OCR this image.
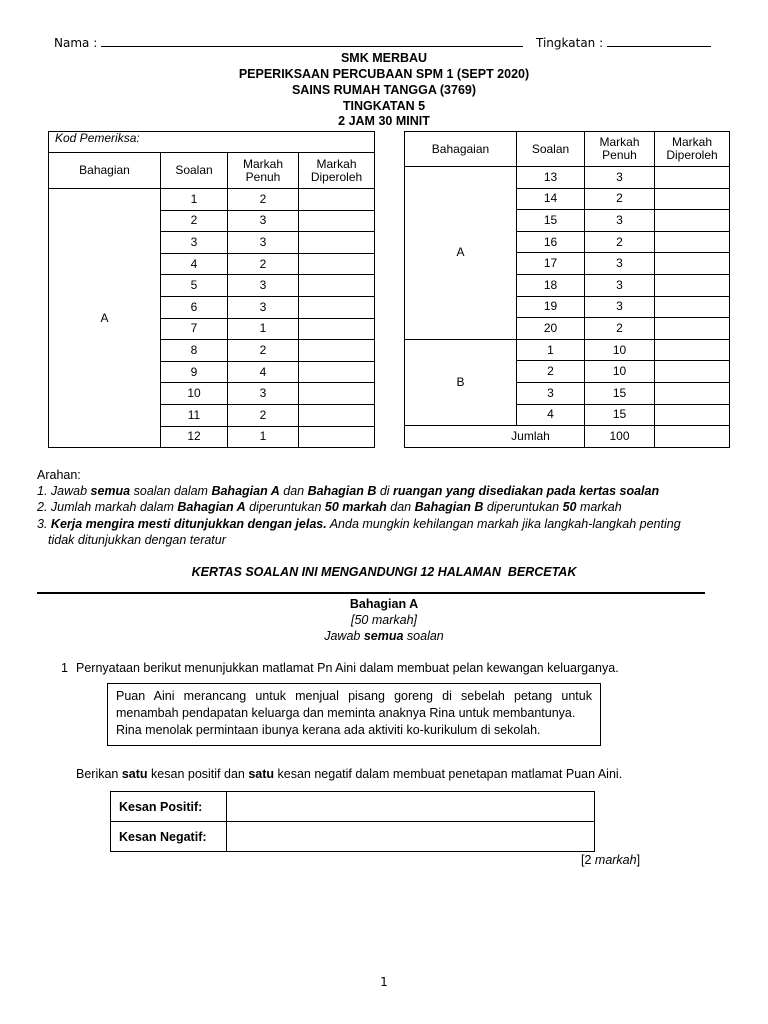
Nama :	Tingkatan :
SMK MERBAU
PEPERIKSAAN PERCUBAAN SPM 1 (SEPT 2020)
SAINS RUMAH TANGGA (3769)
TINGKATAN 5
2 JAM 30 MINIT
Kod Pemeriksa:			
Bahagian	Soalan	Markah Penuh	Markah Diperoleh
A	1	2	
	2	3	
	3	3	
	4	2	
	5	3	
	6	3	
	7	1	
	8	2	
	9	4	
	10	3	
	11	2	
	12	1	
Bahagaian	Soalan	Markah Penuh	Markah Diperoleh
A	13	3	
	14	2	
	15	3	
	16	2	
	17	3	
	18	3	
	19	3	
	20	2	
B	1	10	
	2	10	
	3	15	
	4	15	
Jumlah		100	
Arahan:
1. Jawab semua soalan dalam Bahagian A dan Bahagian B di ruangan yang disediakan pada kertas soalan
2. Jumlah markah dalam Bahagian A diperuntukan 50 markah dan Bahagian B diperuntukan 50 markah
3. Kerja mengira mesti ditunjukkan dengan jelas. Anda mungkin kehilangan markah jika langkah-langkah penting
tidak ditunjukkan dengan teratur
KERTAS SOALAN INI MENGANDUNGI 12 HALAMAN  BERCETAK
Bahagian A
[50 markah]
Jawab semua soalan
1 Pernyataan berikut menunjukkan matlamat Pn Aini dalam membuat pelan kewangan keluarganya.
Puan Aini merancang untuk menjual pisang goreng di sebelah petang untuk
menambah pendapatan keluarga dan meminta anaknya Rina untuk membantunya.
Rina menolak permintaan ibunya kerana ada aktiviti ko-kurikulum di sekolah.
Berikan satu kesan positif dan satu kesan negatif dalam membuat penetapan matlamat Puan Aini.
Kesan Positif:	
Kesan Negatif:	
[2 markah]
1
